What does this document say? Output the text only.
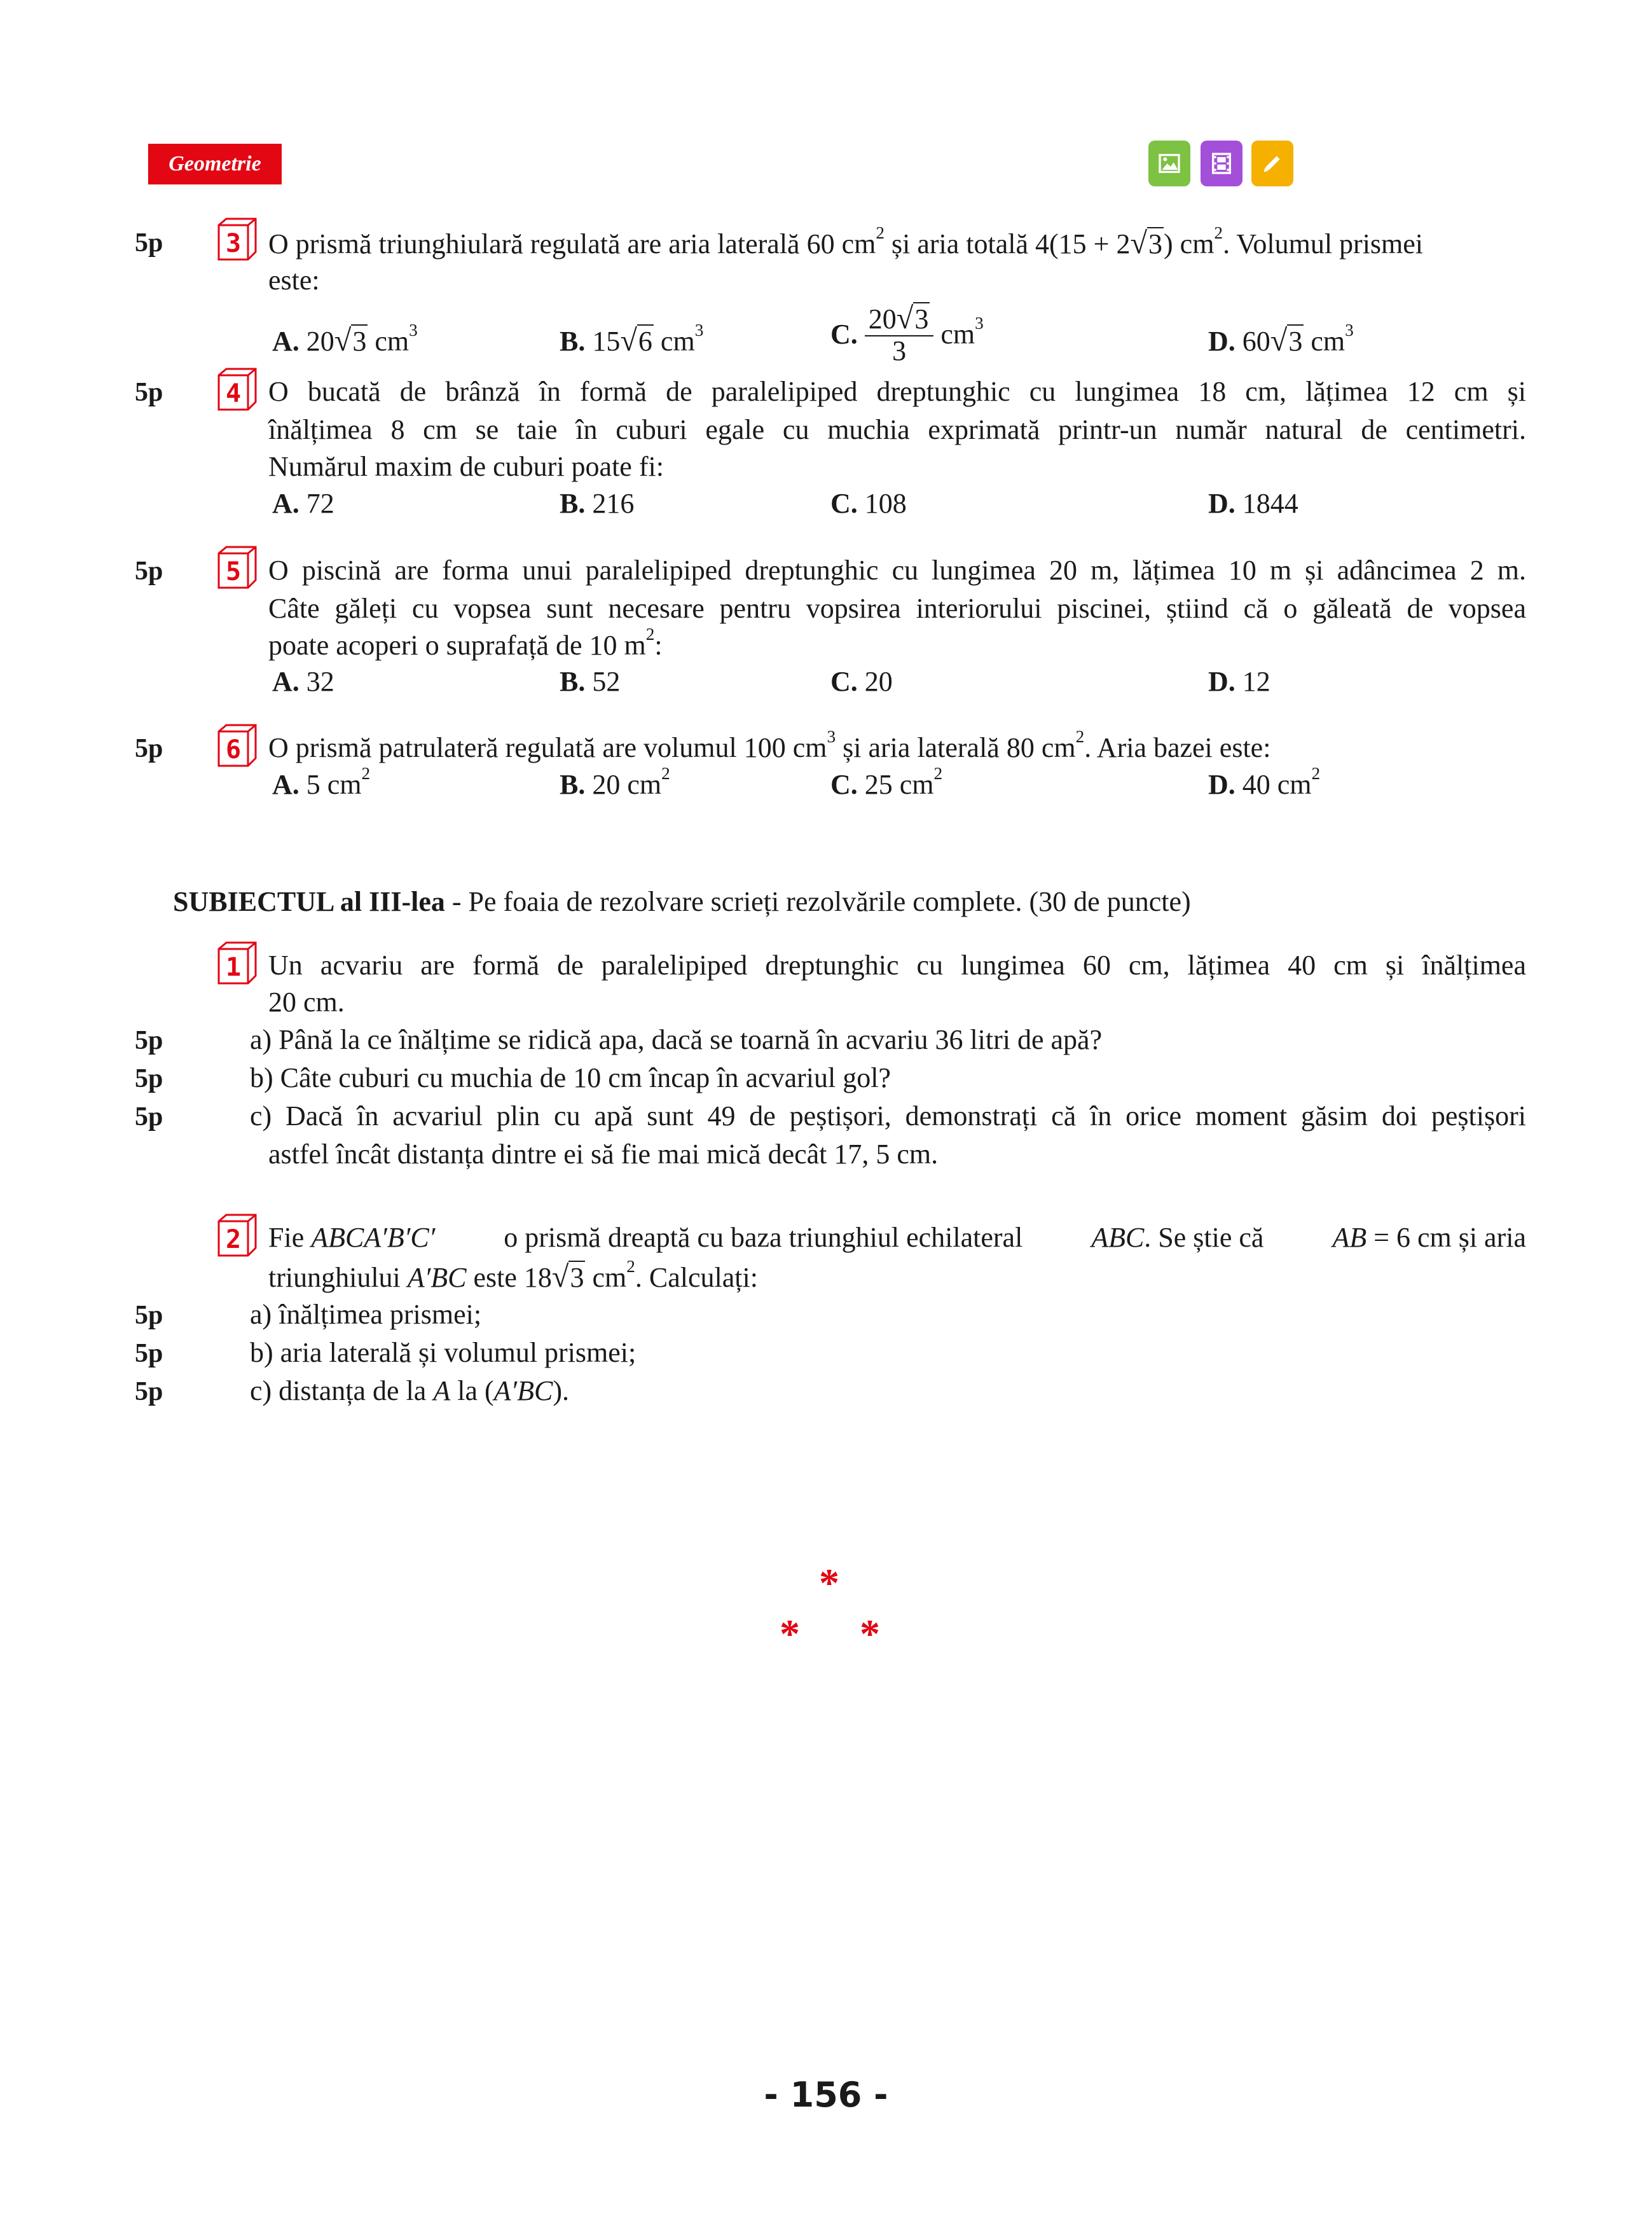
Geometrie
5p 3 O prismă triunghiulară regulată are aria laterală 60 $cm^2$ și aria totală 4(15 + 2√3) $cm^2$. Volumul prismei
este:
A. 20√3 $cm^3$	B. 15√6 $cm^3$	C. $\frac{20√3}{3} cm^3$
D. 60√3 $cm^3$
5p 4 O bucată de brânză în formă de paralelipiped dreptunghic cu lungimea 18 cm, lățimea 12 cm și
înălțimea 8 cm se taie în cuburi egale cu muchia exprimată printr-un număr natural de centimetri.
Numărul maxim de cuburi poate fi:
A. 72	B. 216	C. 108	D. 1844
5p 5 O piscină are forma unui paralelipiped dreptunghic cu lungimea 20 m, lățimea 10 m și adâncimea 2 m.
Câte găleți cu vopsea sunt necesare pentru vopsirea interiorului piscinei, știind că o găleată de vopsea
poate acoperi o suprafață de 10 $m^2$:
A. 32	B. 52	C. 20	D. 12
5p 6 O prismă patrulateră regulată are volumul 100 $cm^3$ și aria laterală 80 $cm^2$. Aria bazei este:
A. 5 $cm^2$	B. 20 $cm^2$	C. 25 $cm^2$	D. 40 $cm^2$
SUBIECTUL al III-lea - Pe foaia de rezolvare scrieți rezolvările complete. (30 de puncte)
1 Un acvariu are formă de paralelipiped dreptunghic cu lungimea 60 cm, lățimea 40 cm și înălțimea
20 cm.
5p	a) Până la ce înălțime se ridică apa, dacă se toarnă în acvariu 36 litri de apă?
5p	b) Câte cuburi cu muchia de 10 cm încap în acvariul gol?
5p	c) Dacă în acvariul plin cu apă sunt 49 de peștișori, demonstrați că în orice moment găsim doi peștișori
astfel încât distanța dintre ei să fie mai mică decât 17, 5 cm.
2 Fie ABCA′B′C′ o prismă dreaptă cu baza triunghiul echilateral ABC. Se știe că AB = 6 cm și aria
triunghiului A′BC este 18√3 $cm^2$. Calculați:
5p	a) înălțimea prismei;
5p	b) aria laterală și volumul prismei;
5p	c) distanța de la A la (A′BC).
*
* *
- 156 -
